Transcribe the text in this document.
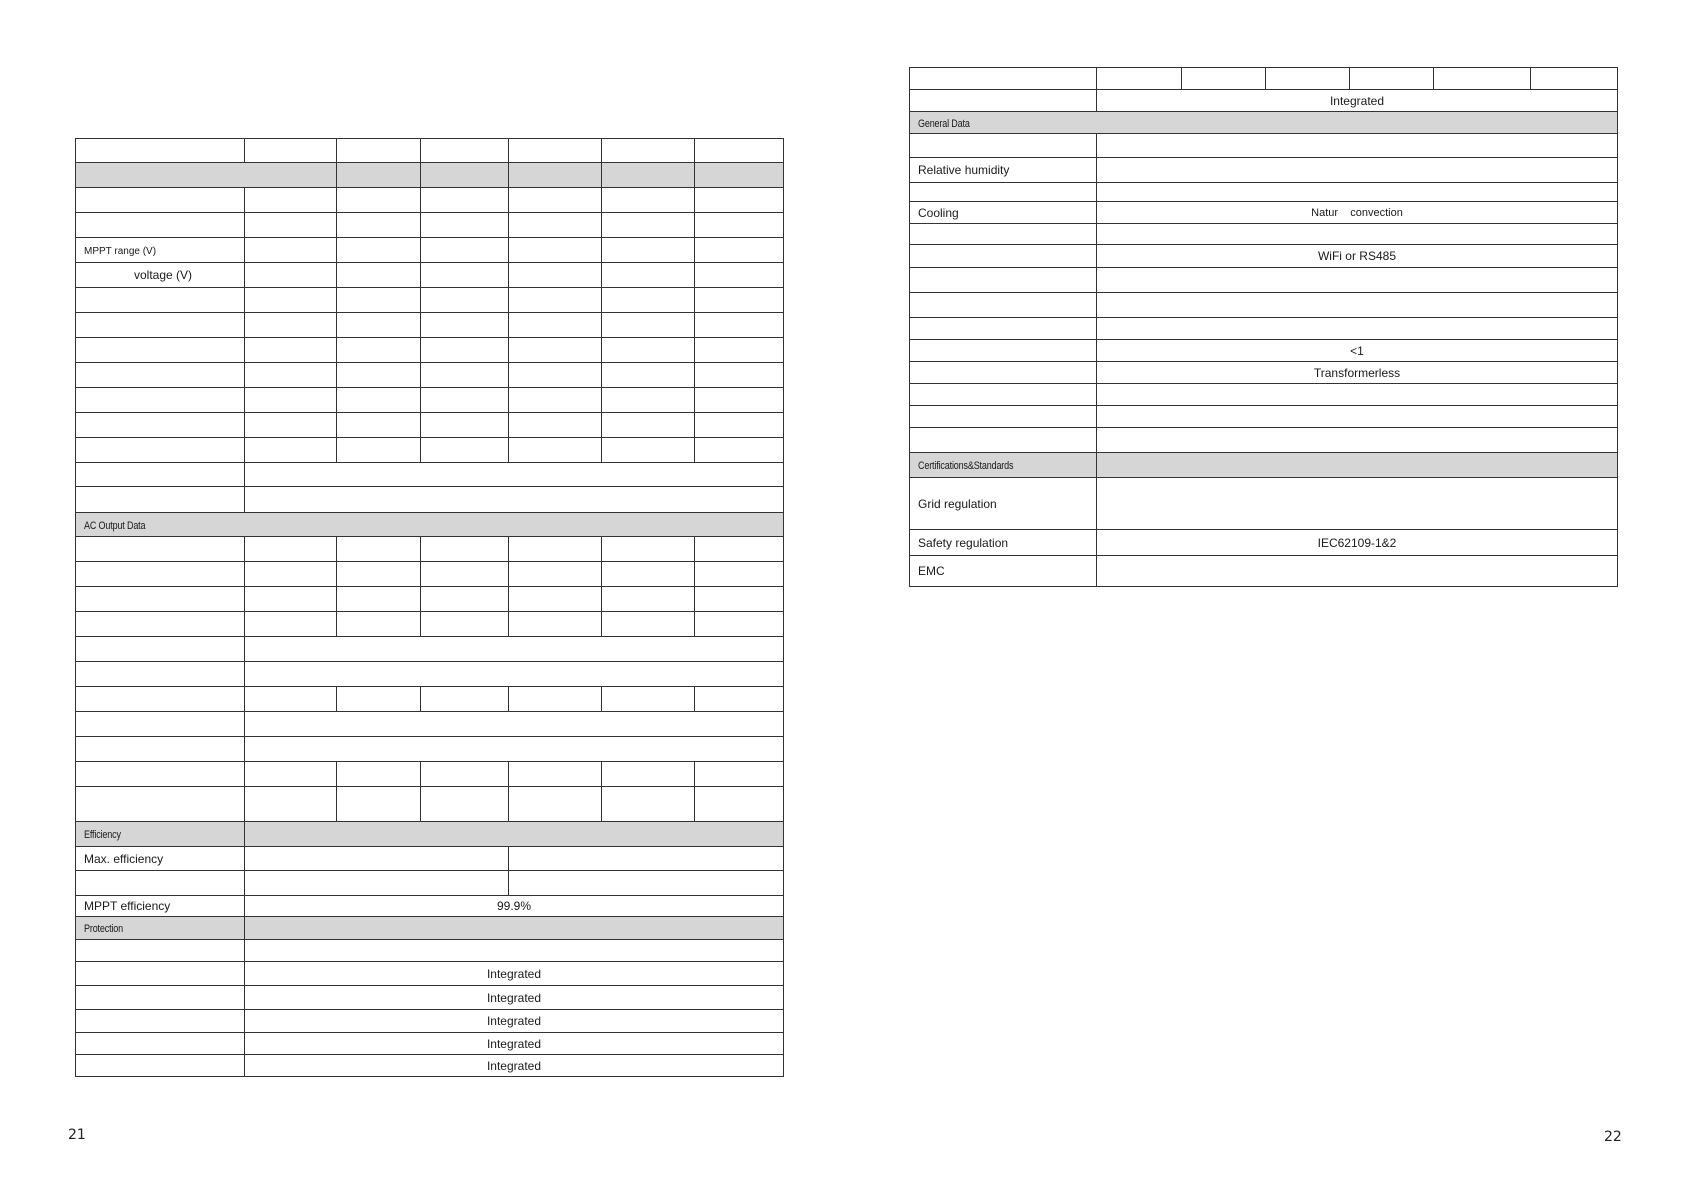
MPPT range (V)						
voltage (V)						

AC Output Data						

Efficiency						
Max. efficiency						

MPPT efficiency	99.9%					
Protection						

	Integrated					
	Integrated					
	Integrated					
	Integrated					
	Integrated					

	Integrated					
General Data						

Relative humidity						

Cooling	Natur    convection					

	WiFi or RS485					

	<1					
	Transformerless					

Certifications&Standards						
Grid regulation						
Safety regulation	IEC62109-1&2					
EMC						
21	22
